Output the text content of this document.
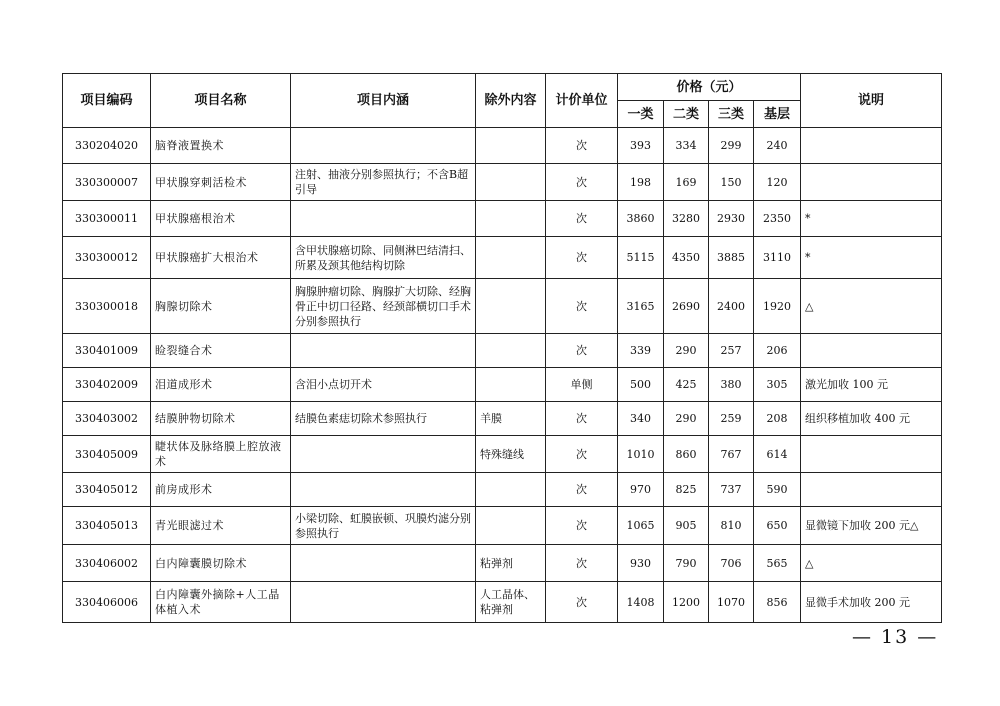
项目编码	项目名称	项目内涵	除外内容	计价单位	价格（元）				说明
					一类	二类	三类	基层	
330204020	脑脊液置换术			次	393	334	299	240	
330300007	甲状腺穿刺活检术	注射、抽液分别参照执行；不含B超引导		次	198	169	150	120	
330300011	甲状腺癌根治术			次	3860	3280	2930	2350	*
330300012	甲状腺癌扩大根治术	含甲状腺癌切除、同侧淋巴结清扫、所累及颈其他结构切除		次	5115	4350	3885	3110	*
330300018	胸腺切除术	胸腺肿瘤切除、胸腺扩大切除、经胸骨正中切口径路、经颈部横切口手术分别参照执行		次	3165	2690	2400	1920	△
330401009	睑裂缝合术			次	339	290	257	206	
330402009	泪道成形术	含泪小点切开术		单侧	500	425	380	305	激光加收 100 元
330403002	结膜肿物切除术	结膜色素痣切除术参照执行	羊膜	次	340	290	259	208	组织移植加收 400 元
330405009	睫状体及脉络膜上腔放液术		特殊缝线	次	1010	860	767	614	
330405012	前房成形术			次	970	825	737	590	
330405013	青光眼滤过术	小梁切除、虹膜嵌顿、巩膜灼滤分别参照执行		次	1065	905	810	650	显微镜下加收 200 元△
330406002	白内障囊膜切除术		粘弹剂	次	930	790	706	565	△
330406006	白内障囊外摘除+人工晶体植入术		人工晶体、粘弹剂	次	1408	1200	1070	856	显微手术加收 200 元
— 13 —
